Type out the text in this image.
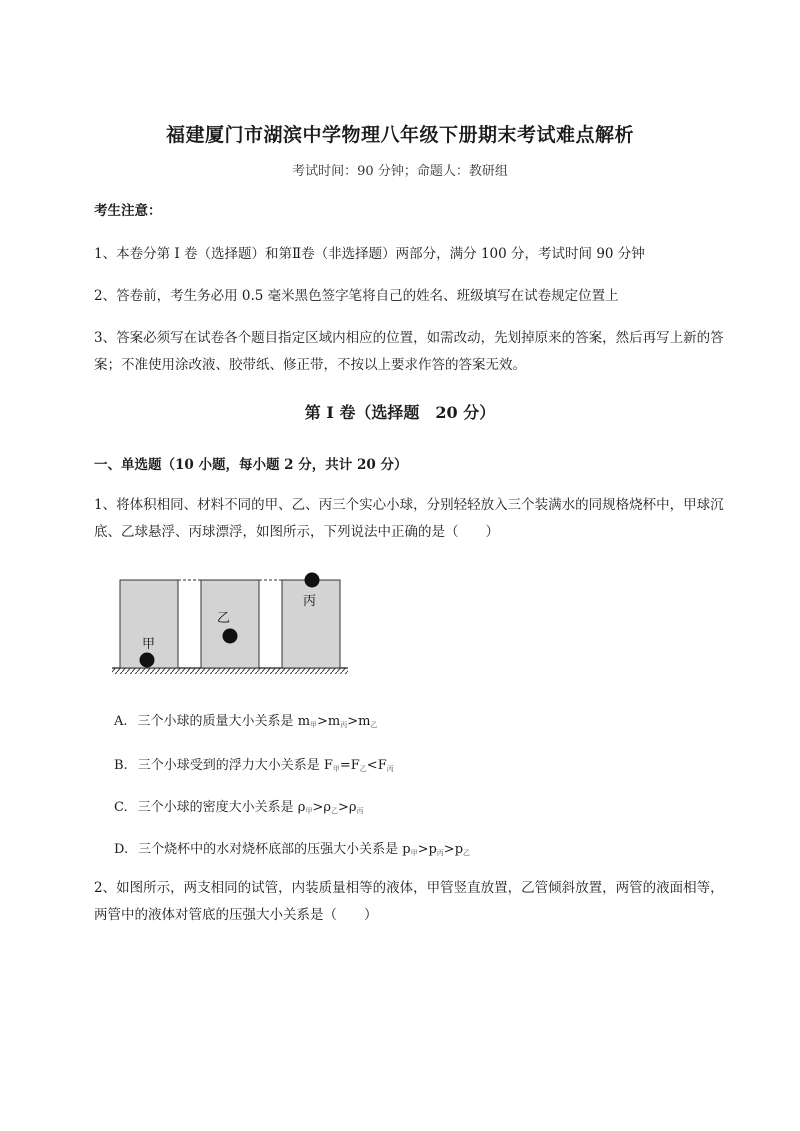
福建厦门市湖滨中学物理八年级下册期末考试难点解析
考试时间：90 分钟；命题人：教研组
考生注意：
1、本卷分第 I 卷（选择题）和第Ⅱ卷（非选择题）两部分，满分 100 分，考试时间 90 分钟
2、答卷前，考生务必用 0.5 毫米黑色签字笔将自己的姓名、班级填写在试卷规定位置上
3、答案必须写在试卷各个题目指定区域内相应的位置，如需改动，先划掉原来的答案，然后再写上新的答案；不准使用涂改液、胶带纸、修正带，不按以上要求作答的答案无效。
第 I 卷（选择题　20 分）
一、单选题（10 小题，每小题 2 分，共计 20 分）
1、将体积相同、材料不同的甲、乙、丙三个实心小球，分别轻轻放入三个装满水的同规格烧杯中，甲球沉底、乙球悬浮、丙球漂浮，如图所示，下列说法中正确的是（　　）
甲
乙
丙
A. 三个小球的质量大小关系是 $m_甲>m_丙>m_乙$
B. 三个小球受到的浮力大小关系是 $F_甲=F_乙<F_丙$
C. 三个小球的密度大小关系是 $\rho_甲>\rho_乙>\rho_丙$
D. 三个烧杯中的水对烧杯底部的压强大小关系是 $p_甲>p_丙>p_乙$
2、如图所示，两支相同的试管，内装质量相等的液体，甲管竖直放置，乙管倾斜放置，两管的液面相等，两管中的液体对管底的压强大小关系是（　　）
